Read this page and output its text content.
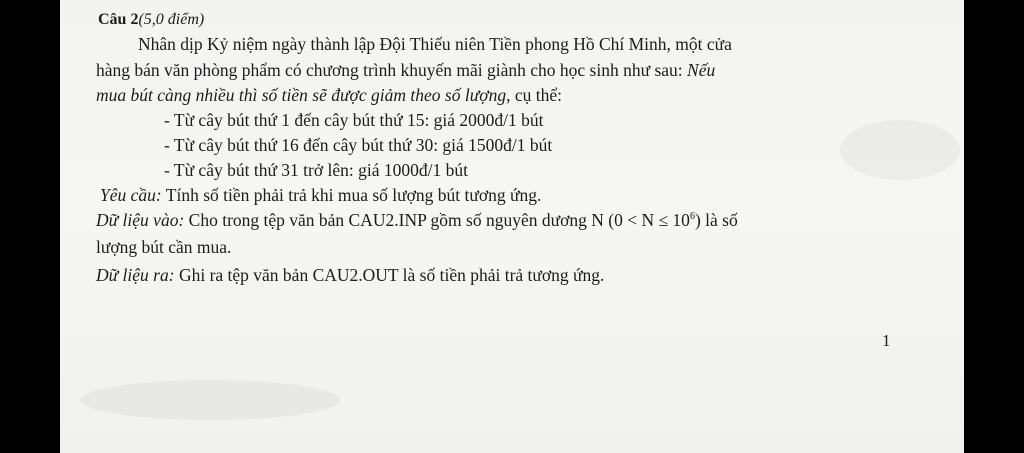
Câu 2(5,0 điểm)
Nhân dịp Kỷ niệm ngày thành lập Đội Thiếu niên Tiền phong Hồ Chí Minh, một cửa
hàng bán văn phòng phẩm có chương trình khuyến mãi giành cho học sinh như sau: Nếu
mua bút càng nhiều thì số tiền sẽ được giảm theo số lượng, cụ thể:
- Từ cây bút thứ 1 đến cây bút thứ 15: giá 2000đ/1 bút
- Từ cây bút thứ 16 đến cây bút thứ 30: giá 1500đ/1 bút
- Từ cây bút thứ 31 trở lên: giá 1000đ/1 bút
Yêu cầu: Tính số tiền phải trả khi mua số lượng bút tương ứng.
Dữ liệu vào: Cho trong tệp văn bản CAU2.INP gồm số nguyên dương N $(0 < N \le 10^6)$ là số
lượng bút cần mua.
Dữ liệu ra: Ghi ra tệp văn bản CAU2.OUT là số tiền phải trả tương ứng.
1
